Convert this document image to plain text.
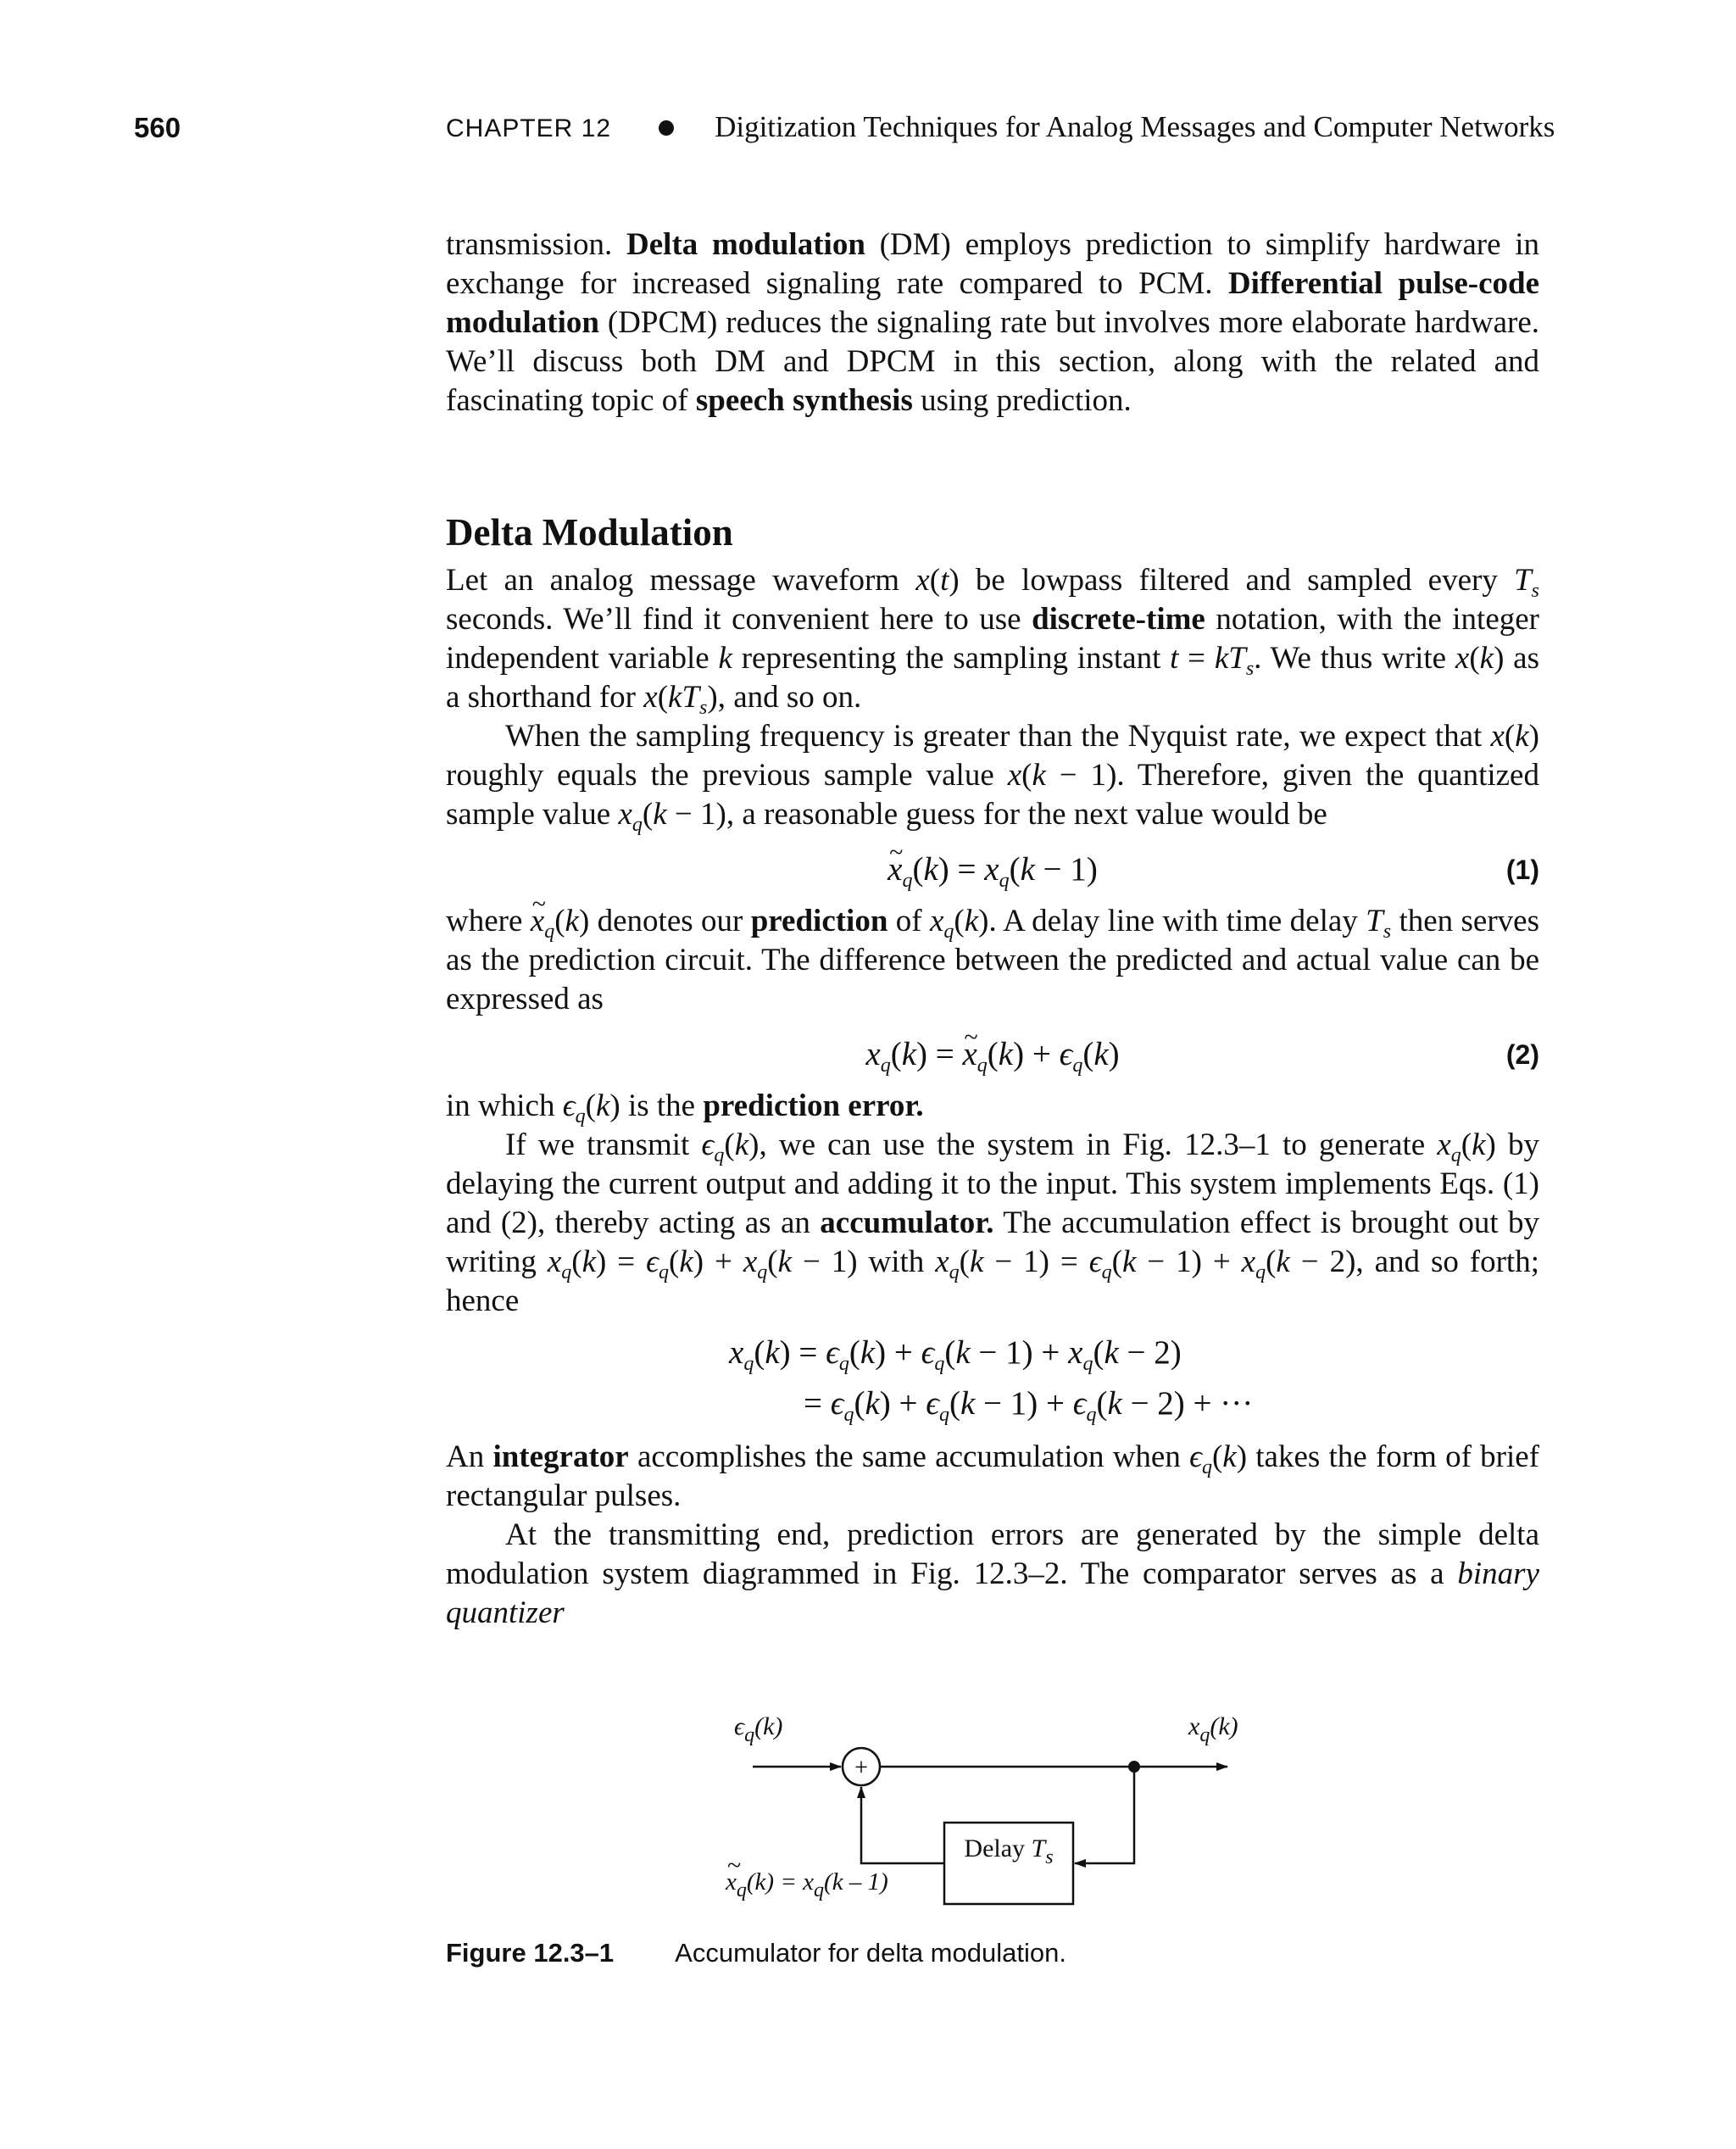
560	CHAPTER 12	Digitization Techniques for Analog Messages and Computer Networks

transmission. Delta modulation (DM) employs prediction to simplify hardware in exchange for increased signaling rate compared to PCM. Differential pulse-code modulation (DPCM) reduces the signaling rate but involves more elaborate hardware. We’ll discuss both DM and DPCM in this section, along with the related and fascinating topic of speech synthesis using prediction.

Delta Modulation

Let an analog message waveform x(t) be lowpass filtered and sampled every $T_s$ seconds. We’ll find it convenient here to use discrete-time notation, with the integer independent variable k representing the sampling instant $t = kT_s$. We thus write x(k) as a shorthand for $x(kT_s)$, and so on.

When the sampling frequency is greater than the Nyquist rate, we expect that x(k) roughly equals the previous sample value x(k − 1). Therefore, given the quantized sample value $x_q(k - 1)$, a reasonable guess for the next value would be

~ $x_q(k) = x_q(k - 1)$	(1)

where ~ $x_q(k)$ denotes our prediction of $x_q(k)$. A delay line with time delay $T_s$ then serves as the prediction circuit. The difference between the predicted and actual value can be expressed as

$x_q(k)$ = ~ $x_q(k) + \epsilon_q(k)$	(2)

in which $\epsilon_q(k)$ is the prediction error.

If we transmit $\epsilon_q(k)$, we can use the system in Fig. 12.3–1 to generate $x_q(k)$ by delaying the current output and adding it to the input. This system implements Eqs. (1) and (2), thereby acting as an accumulator. The accumulation effect is brought out by writing $x_q(k) = \epsilon_q(k) + x_q(k - 1)$ with $x_q(k - 1) = \epsilon_q(k - 1) + x_q(k - 2)$, and so forth; hence

$x_q(k) = \epsilon_q(k) + \epsilon_q(k - 1) + x_q(k - 2)$
= $\epsilon_q(k) + \epsilon_q(k - 1) + \epsilon_q(k - 2)$ + ···

An integrator accomplishes the same accumulation when $\epsilon_q(k)$ takes the form of brief rectangular pulses.

At the transmitting end, prediction errors are generated by the simple delta modulation system diagrammed in Fig. 12.3–2. The comparator serves as a binary quantizer

+
$\epsilon_q(k)$	$x_q(k)$
Delay $T_s$
~ $x_q(k) = x_q(k - 1)$
Figure 12.3–1 Accumulator for delta modulation.
